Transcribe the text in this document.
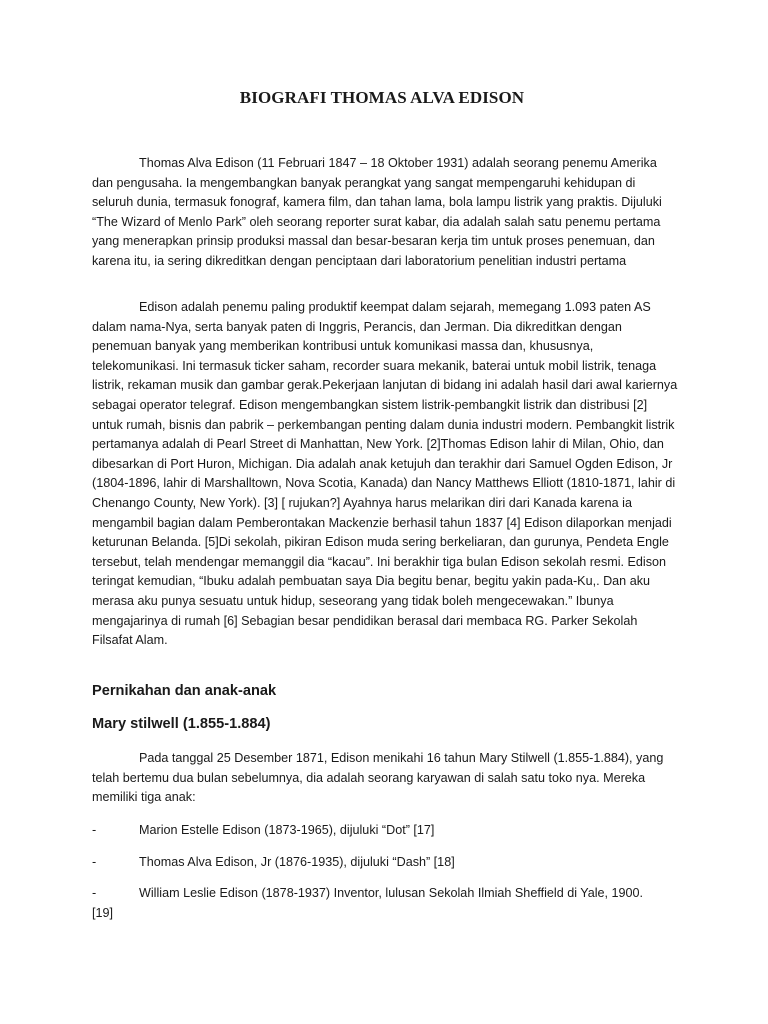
BIOGRAFI THOMAS ALVA EDISON

Thomas Alva Edison (11 Februari 1847 – 18 Oktober 1931) adalah seorang penemu Amerika dan pengusaha. Ia mengembangkan banyak perangkat yang sangat mempengaruhi kehidupan di seluruh dunia, termasuk fonograf, kamera film, dan tahan lama, bola lampu listrik yang praktis. Dijuluki “The Wizard of Menlo Park” oleh seorang reporter surat kabar, dia adalah salah satu penemu pertama yang menerapkan prinsip produksi massal dan besar-besaran kerja tim untuk proses penemuan, dan karena itu, ia sering dikreditkan dengan penciptaan dari laboratorium penelitian industri pertama

Edison adalah penemu paling produktif keempat dalam sejarah, memegang 1.093 paten AS dalam nama-Nya, serta banyak paten di Inggris, Perancis, dan Jerman. Dia dikreditkan dengan penemuan banyak yang memberikan kontribusi untuk komunikasi massa dan, khususnya, telekomunikasi. Ini termasuk ticker saham, recorder suara mekanik, baterai untuk mobil listrik, tenaga listrik, rekaman musik dan gambar gerak.Pekerjaan lanjutan di bidang ini adalah hasil dari awal kariernya sebagai operator telegraf. Edison mengembangkan sistem listrik-pembangkit listrik dan distribusi [2] untuk rumah, bisnis dan pabrik – perkembangan penting dalam dunia industri modern. Pembangkit listrik pertamanya adalah di Pearl Street di Manhattan, New York. [2]Thomas Edison lahir di Milan, Ohio, dan dibesarkan di Port Huron, Michigan. Dia adalah anak ketujuh dan terakhir dari Samuel Ogden Edison, Jr (1804-1896, lahir di Marshalltown, Nova Scotia, Kanada) dan Nancy Matthews Elliott (1810-1871, lahir di Chenango County, New York). [3] [ rujukan?] Ayahnya harus melarikan diri dari Kanada karena ia mengambil bagian dalam Pemberontakan Mackenzie berhasil tahun 1837 [4] Edison dilaporkan menjadi keturunan Belanda. [5]Di sekolah, pikiran Edison muda sering berkeliaran, dan gurunya, Pendeta Engle tersebut, telah mendengar memanggil dia “kacau”. Ini berakhir tiga bulan Edison sekolah resmi. Edison teringat kemudian, “Ibuku adalah pembuatan saya Dia begitu benar, begitu yakin pada-Ku,. Dan aku merasa aku punya sesuatu untuk hidup, seseorang yang tidak boleh mengecewakan.” Ibunya mengajarinya di rumah [6] Sebagian besar pendidikan berasal dari membaca RG. Parker Sekolah Filsafat Alam.

Pernikahan dan anak-anak
Mary stilwell (1.855-1.884)

Pada tanggal 25 Desember 1871, Edison menikahi 16 tahun Mary Stilwell (1.855-1.884), yang telah bertemu dua bulan sebelumnya, dia adalah seorang karyawan di salah satu toko nya. Mereka memiliki tiga anak:

-	Marion Estelle Edison (1873-1965), dijuluki “Dot” [17]
-	Thomas Alva Edison, Jr (1876-1935), dijuluki “Dash” [18]
-	William Leslie Edison (1878-1937) Inventor, lulusan Sekolah Ilmiah Sheffield di Yale, 1900.
[19]
